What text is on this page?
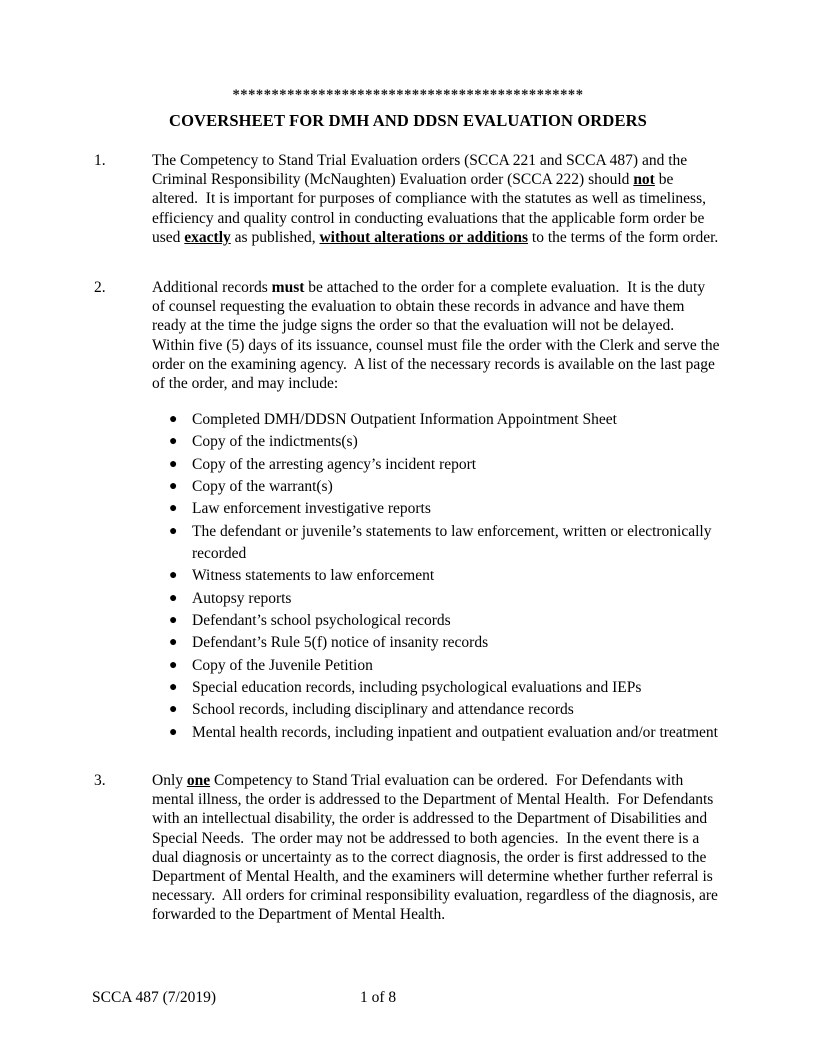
*********************************************
COVERSHEET FOR DMH AND DDSN EVALUATION ORDERS
1.	The Competency to Stand Trial Evaluation orders (SCCA 221 and SCCA 487) and the Criminal Responsibility (McNaughten) Evaluation order (SCCA 222) should not be altered.  It is important for purposes of compliance with the statutes as well as timeliness, efficiency and quality control in conducting evaluations that the applicable form order be used exactly as published, without alterations or additions to the terms of the form order.
2.	Additional records must be attached to the order for a complete evaluation.  It is the duty of counsel requesting the evaluation to obtain these records in advance and have them ready at the time the judge signs the order so that the evaluation will not be delayed.  Within five (5) days of its issuance, counsel must file the order with the Clerk and serve the order on the examining agency.  A list of the necessary records is available on the last page of the order, and may include:
● Completed DMH/DDSN Outpatient Information Appointment Sheet
● Copy of the indictments(s)
● Copy of the arresting agency’s incident report
● Copy of the warrant(s)
● Law enforcement investigative reports
● The defendant or juvenile’s statements to law enforcement, written or electronically recorded
● Witness statements to law enforcement
● Autopsy reports
● Defendant’s school psychological records
● Defendant’s Rule 5(f) notice of insanity records
● Copy of the Juvenile Petition
● Special education records, including psychological evaluations and IEPs
● School records, including disciplinary and attendance records
● Mental health records, including inpatient and outpatient evaluation and/or treatment
3.	Only one Competency to Stand Trial evaluation can be ordered.  For Defendants with mental illness, the order is addressed to the Department of Mental Health.  For Defendants with an intellectual disability, the order is addressed to the Department of Disabilities and Special Needs.  The order may not be addressed to both agencies.  In the event there is a dual diagnosis or uncertainty as to the correct diagnosis, the order is first addressed to the Department of Mental Health, and the examiners will determine whether further referral is necessary.  All orders for criminal responsibility evaluation, regardless of the diagnosis, are forwarded to the Department of Mental Health.
SCCA 487 (7/2019)	1 of 8
